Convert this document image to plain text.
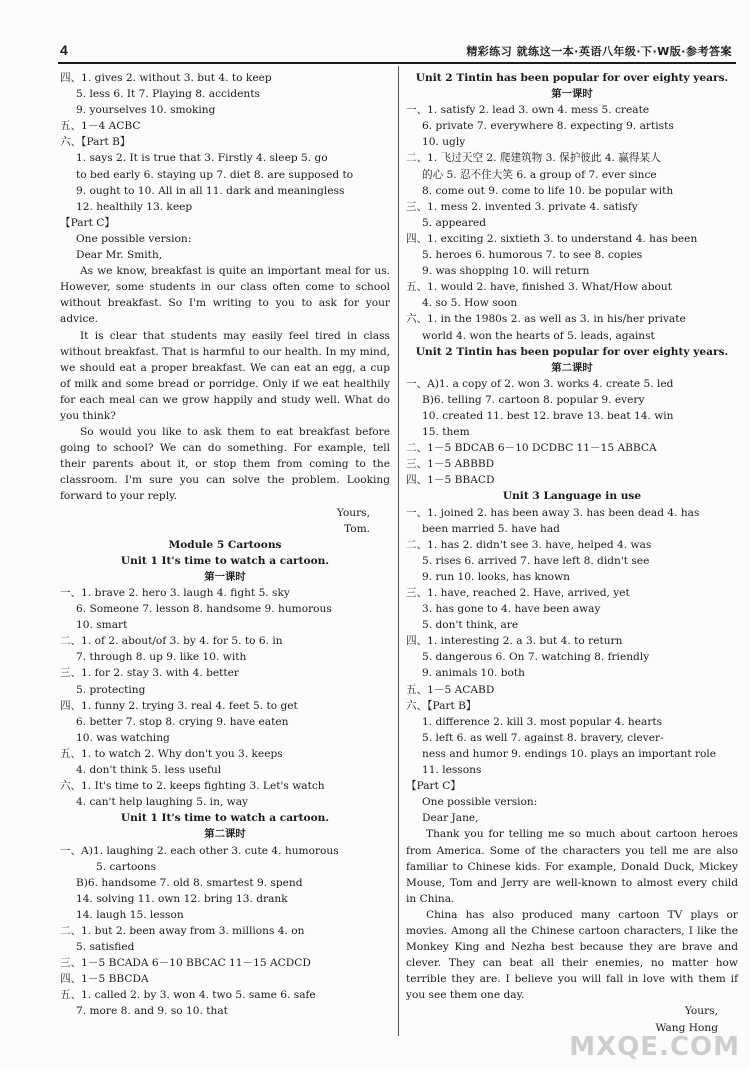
4	精彩练习 就练这一本·英语八年级·下·W版·参考答案
四、1. gives 2. without 3. but 4. to keep
5. less 6. It 7. Playing 8. accidents
9. yourselves 10. smoking
五、1－4 ACBC
六、【Part B】
1. says 2. It is true that 3. Firstly 4. sleep 5. go
to bed early 6. staying up 7. diet 8. are supposed to
9. ought to 10. All in all 11. dark and meaningless
12. healthily 13. keep
【Part C】
One possible version:
Dear Mr. Smith,
As we know, breakfast is quite an important meal for us. However, some students in our class often come to school without breakfast. So I'm writing to you to ask for your advice.
It is clear that students may easily feel tired in class without breakfast. That is harmful to our health. In my mind, we should eat a proper breakfast. We can eat an egg, a cup of milk and some bread or porridge. Only if we eat healthily for each meal can we grow happily and study well. What do you think?
So would you like to ask them to eat breakfast before going to school? We can do something. For example, tell their parents about it, or stop them from coming to the classroom. I'm sure you can solve the problem. Looking forward to your reply.
Yours,
Tom.
Module 5 Cartoons
Unit 1 It's time to watch a cartoon.
第一课时
一、1. brave 2. hero 3. laugh 4. fight 5. sky
6. Someone 7. lesson 8. handsome 9. humorous
10. smart
二、1. of 2. about/of 3. by 4. for 5. to 6. in
7. through 8. up 9. like 10. with
三、1. for 2. stay 3. with 4. better
5. protecting
四、1. funny 2. trying 3. real 4. feet 5. to get
6. better 7. stop 8. crying 9. have eaten
10. was watching
五、1. to watch 2. Why don't you 3. keeps
4. don't think 5. less useful
六、1. It's time to 2. keeps fighting 3. Let's watch
4. can't help laughing 5. in, way
Unit 1 It's time to watch a cartoon.
第二课时
一、A)1. laughing 2. each other 3. cute 4. humorous
5. cartoons
B)6. handsome 7. old 8. smartest 9. spend
14. solving 11. own 12. bring 13. drank
14. laugh 15. lesson
二、1. but 2. been away from 3. millions 4. on
5. satisfied
三、1－5 BCADA 6－10 BBCAC 11－15 ACDCD
四、1－5 BBCDA
五、1. called 2. by 3. won 4. two 5. same 6. safe
7. more 8. and 9. so 10. that
Unit 2 Tintin has been popular for over eighty years.
第一课时
一、1. satisfy 2. lead 3. own 4. mess 5. create
6. private 7. everywhere 8. expecting 9. artists
10. ugly
二、1. 飞过天空 2. 爬建筑物 3. 保护彼此 4. 赢得某人
的心 5. 忍不住大笑 6. a group of 7. ever since
8. come out 9. come to life 10. be popular with
三、1. mess 2. invented 3. private 4. satisfy
5. appeared
四、1. exciting 2. sixtieth 3. to understand 4. has been
5. heroes 6. humorous 7. to see 8. copies
9. was shopping 10. will return
五、1. would 2. have, finished 3. What/How about
4. so 5. How soon
六、1. in the 1980s 2. as well as 3. in his/her private
world 4. won the hearts of 5. leads, against
Unit 2 Tintin has been popular for over eighty years.
第二课时
一、A)1. a copy of 2. won 3. works 4. create 5. led
B)6. telling 7. cartoon 8. popular 9. every
10. created 11. best 12. brave 13. beat 14. win
15. them
二、1－5 BDCAB 6－10 DCDBC 11－15 ABBCA
三、1－5 ABBBD
四、1－5 BBACD
Unit 3 Language in use
一、1. joined 2. has been away 3. has been dead 4. has
been married 5. have had
二、1. has 2. didn't see 3. have, helped 4. was
5. rises 6. arrived 7. have left 8. didn't see
9. run 10. looks, has known
三、1. have, reached 2. Have, arrived, yet
3. has gone to 4. have been away
5. don't think, are
四、1. interesting 2. a 3. but 4. to return
5. dangerous 6. On 7. watching 8. friendly
9. animals 10. both
五、1－5 ACABD
六、【Part B】
1. difference 2. kill 3. most popular 4. hearts
5. left 6. as well 7. against 8. bravery, clever-
ness and humor 9. endings 10. plays an important role
11. lessons
【Part C】
One possible version:
Dear Jane,
Thank you for telling me so much about cartoon heroes from America. Some of the characters you tell me are also familiar to Chinese kids. For example, Donald Duck, Mickey Mouse, Tom and Jerry are well-known to almost every child in China.
China has also produced many cartoon TV plays or movies. Among all the Chinese cartoon characters, I like the Monkey King and Nezha best because they are brave and clever. They can beat all their enemies, no matter how terrible they are. I believe you will fall in love with them if you see them one day.
Yours,
Wang Hong
MXQE.COM
